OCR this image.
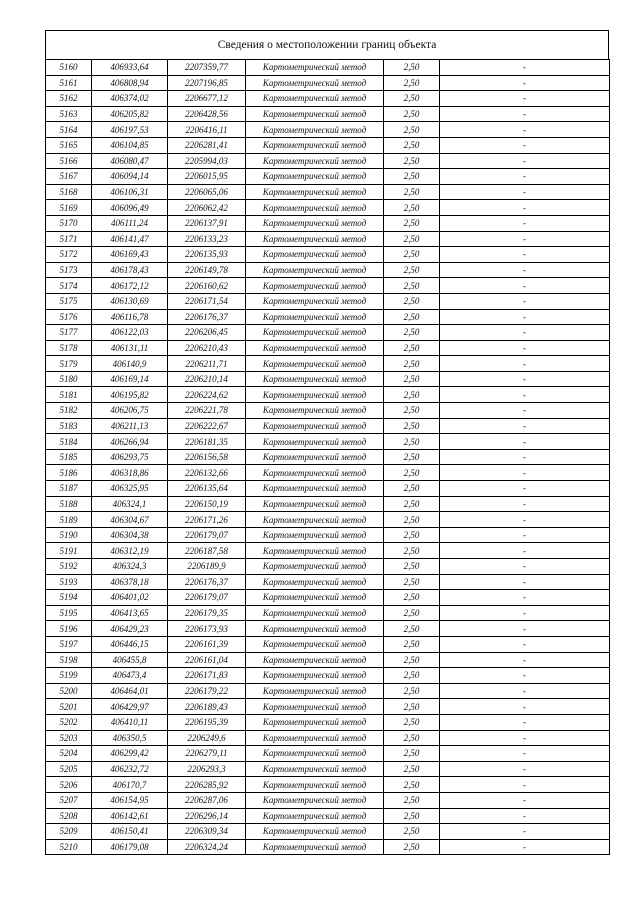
Сведения о местоположении границ объекта
5160	406933,64	2207359,77	Картометрический метод	2,50	-
5161	406808,94	2207196,85	Картометрический метод	2,50	-
5162	406374,02	2206677,12	Картометрический метод	2,50	-
5163	406205,82	2206428,56	Картометрический метод	2,50	-
5164	406197,53	2206416,11	Картометрический метод	2,50	-
5165	406104,85	2206281,41	Картометрический метод	2,50	-
5166	406080,47	2205994,03	Картометрический метод	2,50	-
5167	406094,14	2206015,95	Картометрический метод	2,50	-
5168	406106,31	2206065,06	Картометрический метод	2,50	-
5169	406096,49	2206062,42	Картометрический метод	2,50	-
5170	406111,24	2206137,91	Картометрический метод	2,50	-
5171	406141,47	2206133,23	Картометрический метод	2,50	-
5172	406169,43	2206135,93	Картометрический метод	2,50	-
5173	406178,43	2206149,78	Картометрический метод	2,50	-
5174	406172,12	2206160,62	Картометрический метод	2,50	-
5175	406130,69	2206171,54	Картометрический метод	2,50	-
5176	406116,78	2206176,37	Картометрический метод	2,50	-
5177	406122,03	2206206,45	Картометрический метод	2,50	-
5178	406131,11	2206210,43	Картометрический метод	2,50	-
5179	406140,9	2206211,71	Картометрический метод	2,50	-
5180	406169,14	2206210,14	Картометрический метод	2,50	-
5181	406195,82	2206224,62	Картометрический метод	2,50	-
5182	406206,75	2206221,78	Картометрический метод	2,50	-
5183	406211,13	2206222,67	Картометрический метод	2,50	-
5184	406266,94	2206181,35	Картометрический метод	2,50	-
5185	406293,75	2206156,58	Картометрический метод	2,50	-
5186	406318,86	2206132,66	Картометрический метод	2,50	-
5187	406325,95	2206135,64	Картометрический метод	2,50	-
5188	406324,1	2206150,19	Картометрический метод	2,50	-
5189	406304,67	2206171,26	Картометрический метод	2,50	-
5190	406304,38	2206179,07	Картометрический метод	2,50	-
5191	406312,19	2206187,58	Картометрический метод	2,50	-
5192	406324,3	2206189,9	Картометрический метод	2,50	-
5193	406378,18	2206176,37	Картометрический метод	2,50	-
5194	406401,02	2206179,07	Картометрический метод	2,50	-
5195	406413,65	2206179,35	Картометрический метод	2,50	-
5196	406429,23	2206173,93	Картометрический метод	2,50	-
5197	406446,15	2206161,39	Картометрический метод	2,50	-
5198	406455,8	2206161,04	Картометрический метод	2,50	-
5199	406473,4	2206171,83	Картометрический метод	2,50	-
5200	406464,01	2206179,22	Картометрический метод	2,50	-
5201	406429,97	2206189,43	Картометрический метод	2,50	-
5202	406410,11	2206195,39	Картометрический метод	2,50	-
5203	406350,5	2206249,6	Картометрический метод	2,50	-
5204	406299,42	2206279,11	Картометрический метод	2,50	-
5205	406232,72	2206293,3	Картометрический метод	2,50	-
5206	406170,7	2206285,92	Картометрический метод	2,50	-
5207	406154,95	2206287,06	Картометрический метод	2,50	-
5208	406142,61	2206296,14	Картометрический метод	2,50	-
5209	406150,41	2206309,34	Картометрический метод	2,50	-
5210	406179,08	2206324,24	Картометрический метод	2,50	-
